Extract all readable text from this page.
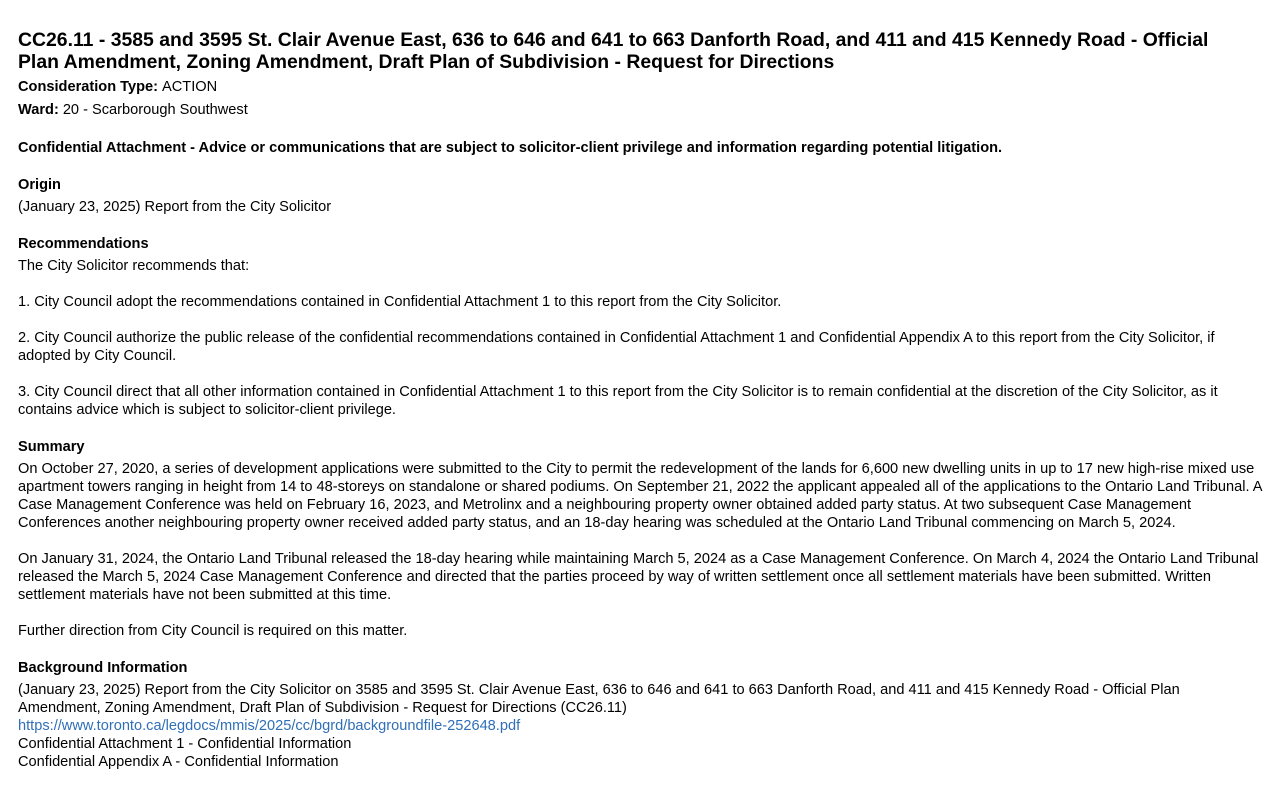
CC26.11 - 3585 and 3595 St. Clair Avenue East, 636 to 646 and 641 to 663 Danforth Road, and 411 and 415 Kennedy Road - Official Plan Amendment, Zoning Amendment, Draft Plan of Subdivision - Request for Directions
Consideration Type: ACTION
Ward: 20 - Scarborough Southwest
Confidential Attachment - Advice or communications that are subject to solicitor-client privilege and information regarding potential litigation.
Origin

(January 23, 2025) Report from the City Solicitor

Recommendations

The City Solicitor recommends that:

1. City Council adopt the recommendations contained in Confidential Attachment 1 to this report from the City Solicitor.

2. City Council authorize the public release of the confidential recommendations contained in Confidential Attachment 1 and Confidential Appendix A to this report from the City Solicitor, if adopted by City Council.

3. City Council direct that all other information contained in Confidential Attachment 1 to this report from the City Solicitor is to remain confidential at the discretion of the City Solicitor, as it contains advice which is subject to solicitor-client privilege.

Summary

On October 27, 2020, a series of development applications were submitted to the City to permit the redevelopment of the lands for 6,600 new dwelling units in up to 17 new high-rise mixed use apartment towers ranging in height from 14 to 48-storeys on standalone or shared podiums. On September 21, 2022 the applicant appealed all of the applications to the Ontario Land Tribunal. A Case Management Conference was held on February 16, 2023, and Metrolinx and a neighbouring property owner obtained added party status. At two subsequent Case Management Conferences another neighbouring property owner received added party status, and an 18-day hearing was scheduled at the Ontario Land Tribunal commencing on March 5, 2024.

On January 31, 2024, the Ontario Land Tribunal released the 18-day hearing while maintaining March 5, 2024 as a Case Management Conference. On March 4, 2024 the Ontario Land Tribunal released the March 5, 2024 Case Management Conference and directed that the parties proceed by way of written settlement once all settlement materials have been submitted. Written settlement materials have not been submitted at this time.

Further direction from City Council is required on this matter.

Background Information
(January 23, 2025) Report from the City Solicitor on 3585 and 3595 St. Clair Avenue East, 636 to 646 and 641 to 663 Danforth Road, and 411 and 415 Kennedy Road - Official Plan Amendment, Zoning Amendment, Draft Plan of Subdivision - Request for Directions (CC26.11)
https://www.toronto.ca/legdocs/mmis/2025/cc/bgrd/backgroundfile-252648.pdf
Confidential Attachment 1 - Confidential Information
Confidential Appendix A - Confidential Information
